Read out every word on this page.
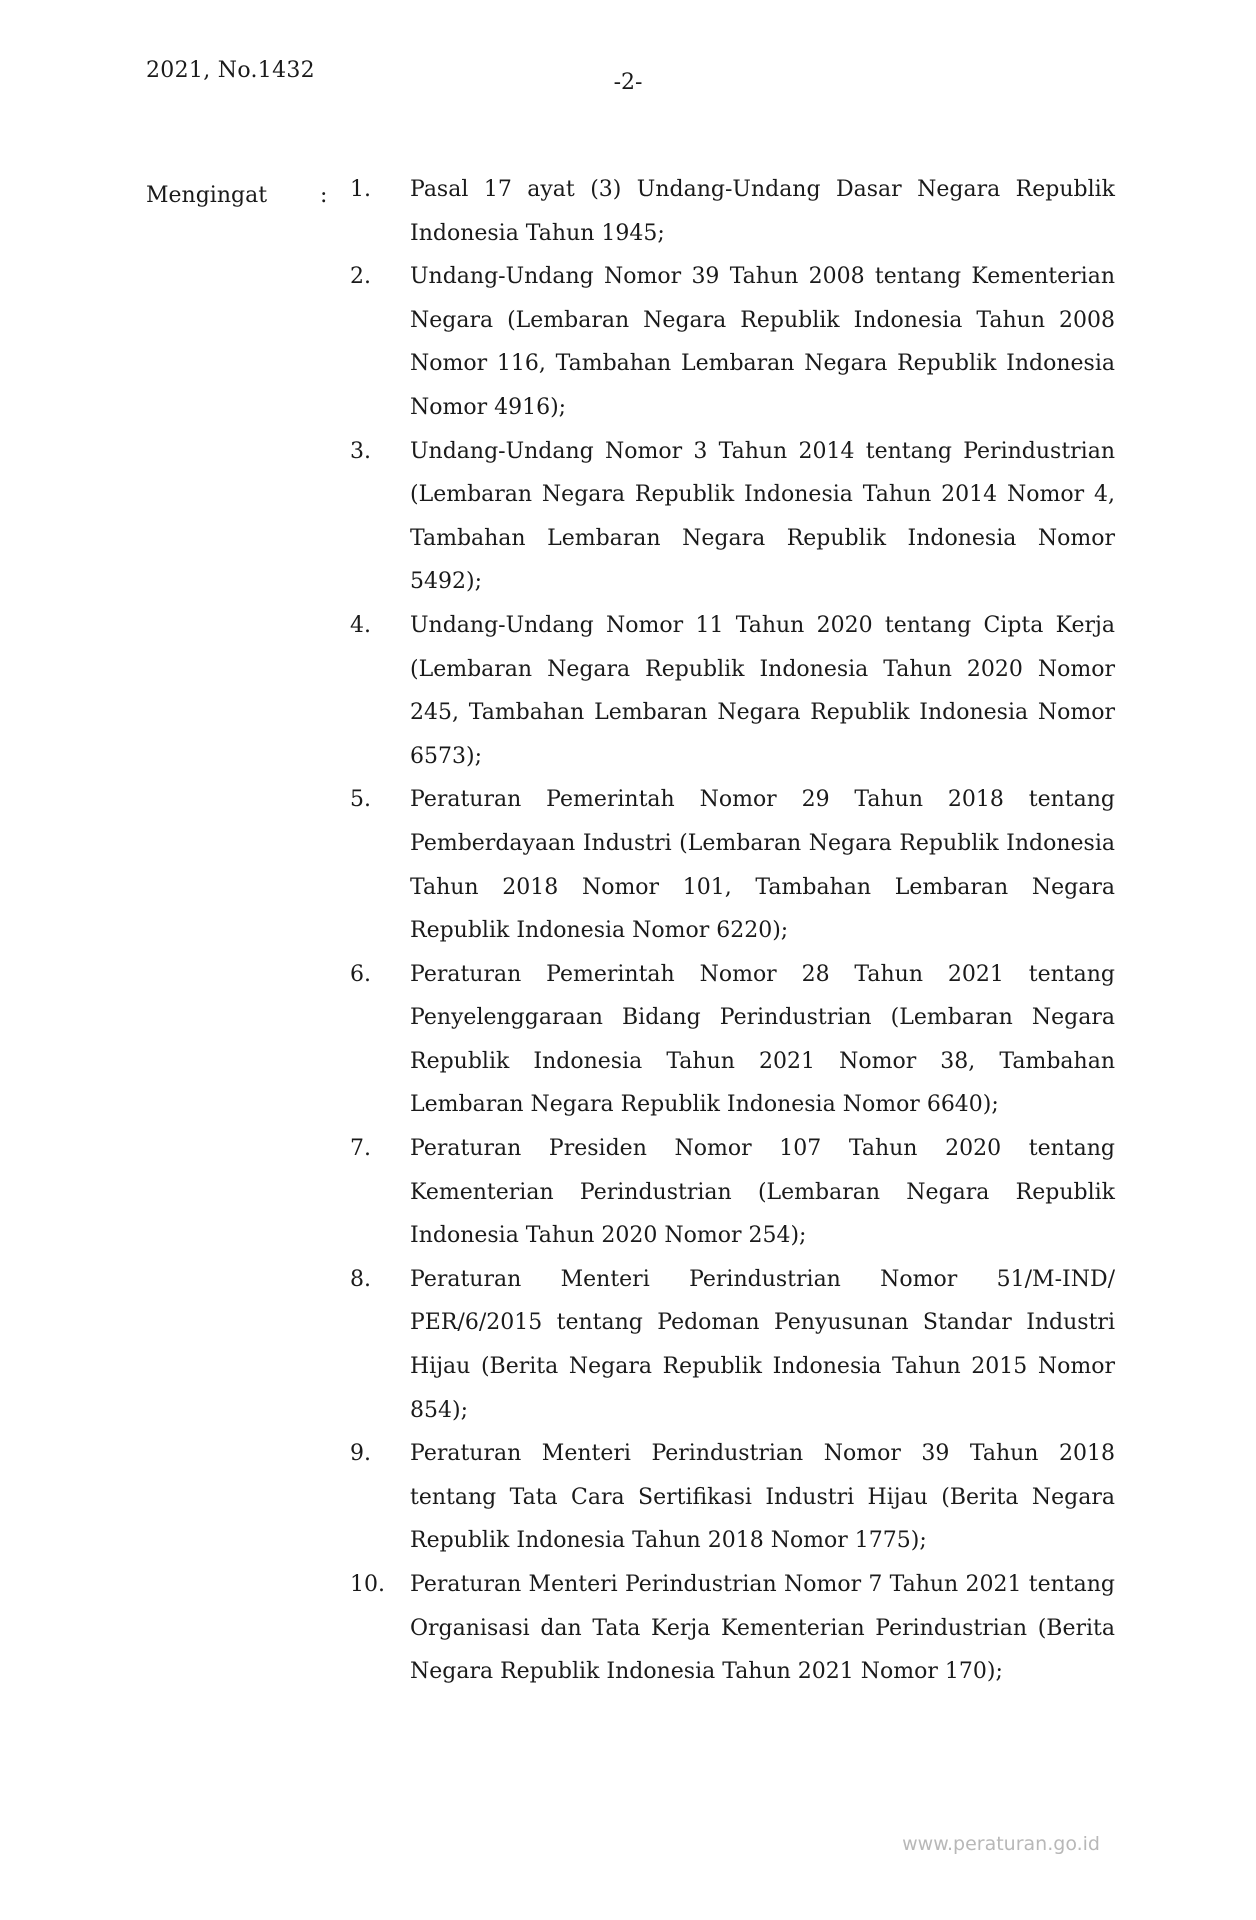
2021, No.1432	-2-
Mengingat : 1. Pasal 17 ayat (3) Undang-Undang Dasar Negara Republik Indonesia Tahun 1945;
2. Undang-Undang Nomor 39 Tahun 2008 tentang Kementerian Negara (Lembaran Negara Republik Indonesia Tahun 2008 Nomor 116, Tambahan Lembaran Negara Republik Indonesia Nomor 4916);
3. Undang-Undang Nomor 3 Tahun 2014 tentang Perindustrian (Lembaran Negara Republik Indonesia Tahun 2014 Nomor 4, Tambahan Lembaran Negara Republik Indonesia Nomor 5492);
4. Undang-Undang Nomor 11 Tahun 2020 tentang Cipta Kerja (Lembaran Negara Republik Indonesia Tahun 2020 Nomor 245, Tambahan Lembaran Negara Republik Indonesia Nomor 6573);
5. Peraturan Pemerintah Nomor 29 Tahun 2018 tentang Pemberdayaan Industri (Lembaran Negara Republik Indonesia Tahun 2018 Nomor 101, Tambahan Lembaran Negara Republik Indonesia Nomor 6220);
6. Peraturan Pemerintah Nomor 28 Tahun 2021 tentang Penyelenggaraan Bidang Perindustrian (Lembaran Negara Republik Indonesia Tahun 2021 Nomor 38, Tambahan Lembaran Negara Republik Indonesia Nomor 6640);
7. Peraturan Presiden Nomor 107 Tahun 2020 tentang Kementerian Perindustrian (Lembaran Negara Republik Indonesia Tahun 2020 Nomor 254);
8. Peraturan Menteri Perindustrian Nomor 51/M-IND/ PER/6/2015 tentang Pedoman Penyusunan Standar Industri Hijau (Berita Negara Republik Indonesia Tahun 2015 Nomor 854);
9. Peraturan Menteri Perindustrian Nomor 39 Tahun 2018 tentang Tata Cara Sertifikasi Industri Hijau (Berita Negara Republik Indonesia Tahun 2018 Nomor 1775);
10. Peraturan Menteri Perindustrian Nomor 7 Tahun 2021 tentang Organisasi dan Tata Kerja Kementerian Perindustrian (Berita Negara Republik Indonesia Tahun 2021 Nomor 170);
www.peraturan.go.id
